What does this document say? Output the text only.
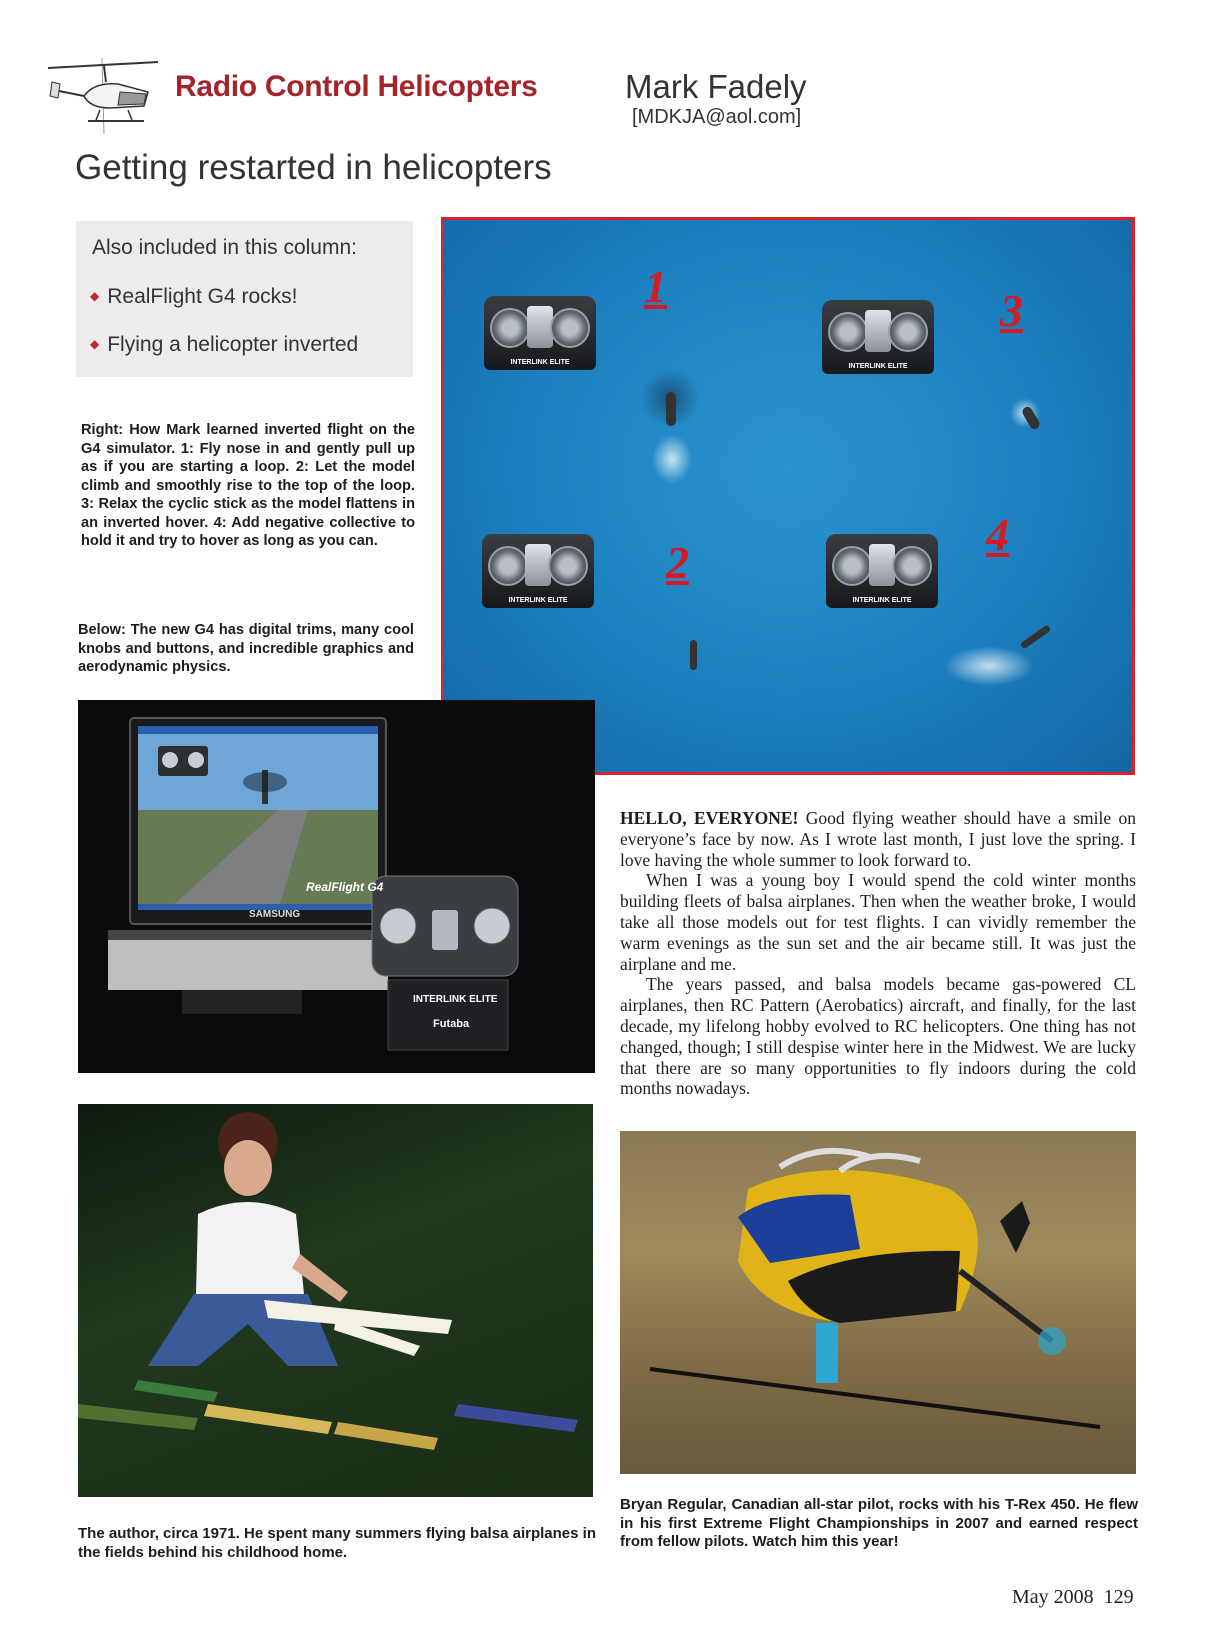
Radio Control Helicopters	Mark Fadely
[MDKJA@aol.com]
Getting restarted in helicopters
Also included in this column:
◆ RealFlight G4 rocks!
◆ Flying a helicopter inverted
Right: How Mark learned inverted flight on the G4 simulator. 1: Fly nose in and gently pull up as if you are starting a loop. 2: Let the model climb and smoothly rise to the top of the loop. 3: Relax the cyclic stick as the model flattens in an inverted hover. 4: Add negative collective to hold it and try to hover as long as you can.
Below: The new G4 has digital trims, many cool knobs and buttons, and incredible graphics and aerodynamic physics.
INTERLINK ELITE
1
INTERLINK ELITE
3
INTERLINK ELITE
2
INTERLINK ELITE
4
SAMSUNG
RealFlight G4
INTERLINK ELITE
Futaba

HELLO, EVERYONE! Good flying weather should have a smile on everyone’s face by now. As I wrote last month, I just love the spring. I love having the whole summer to look forward to.

When I was a young boy I would spend the cold winter months building fleets of balsa airplanes. Then when the weather broke, I would take all those models out for test flights. I can vividly remember the warm evenings as the sun set and the air became still. It was just the airplane and me.

The years passed, and balsa models became gas-powered CL airplanes, then RC Pattern (Aerobatics) aircraft, and finally, for the last decade, my lifelong hobby evolved to RC helicopters. One thing has not changed, though; I still despise winter here in the Midwest. We are lucky that there are so many opportunities to fly indoors during the cold months nowadays.

The author, circa 1971. He spent many summers flying balsa airplanes in the fields behind his childhood home.
Bryan Regular, Canadian all-star pilot, rocks with his T-Rex 450. He flew in his first Extreme Flight Championships in 2007 and earned respect from fellow pilots. Watch him this year!
May 2008 129
